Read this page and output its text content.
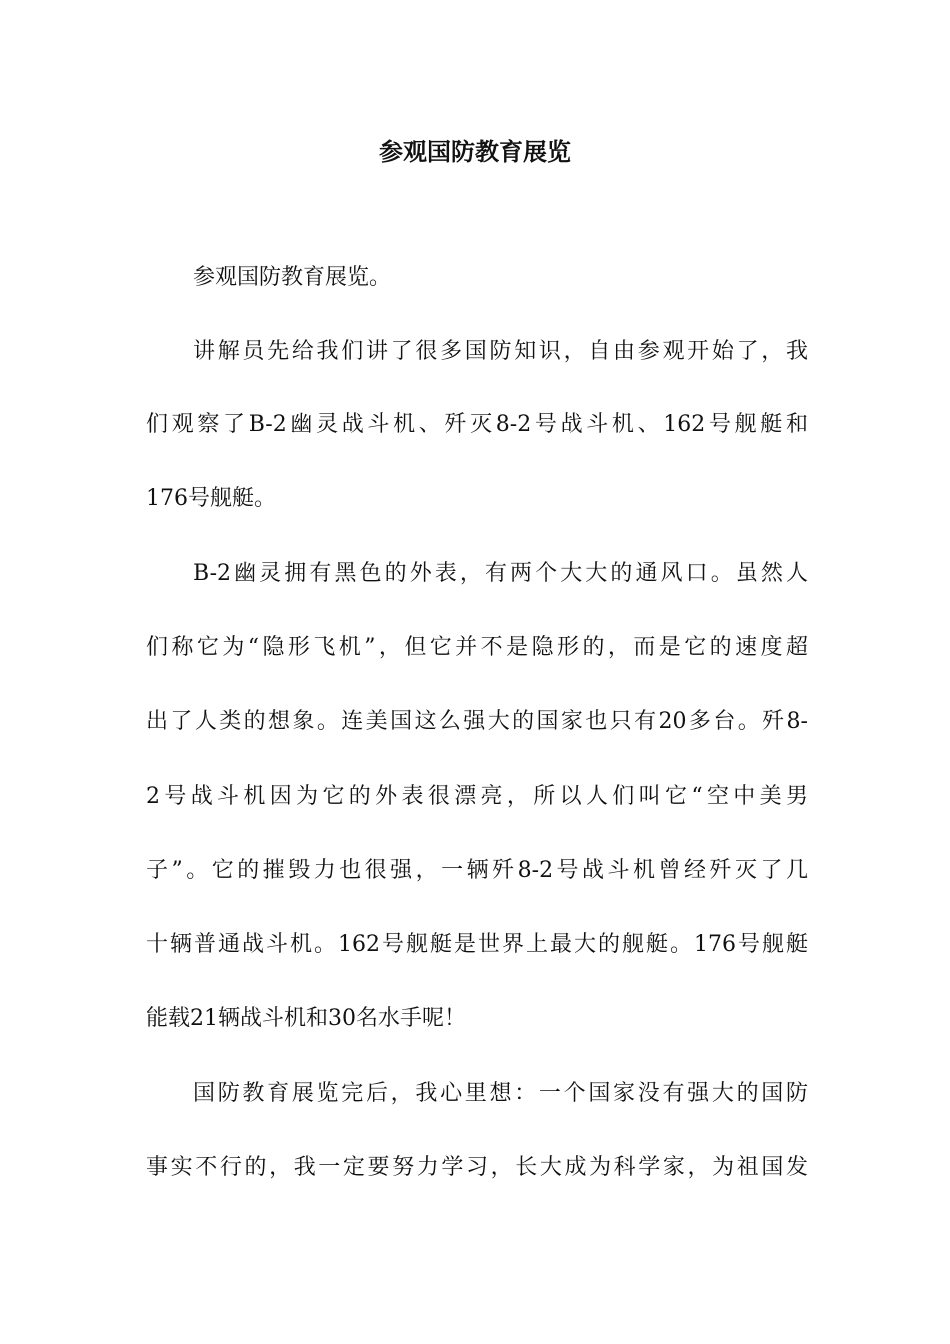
参观国防教育展览

参观国防教育展览。

讲解员先给我们讲了很多国防知识，自由参观开始了，我

们观察了B-2幽灵战斗机、歼灭8-2号战斗机、162号舰艇和

176号舰艇。

B-2幽灵拥有黑色的外表，有两个大大的通风口。虽然人

们称它为“隐形飞机”，但它并不是隐形的，而是它的速度超

出了人类的想象。连美国这么强大的国家也只有20多台。歼8-

2号战斗机因为它的外表很漂亮，所以人们叫它“空中美男

子”。它的摧毁力也很强，一辆歼8-2号战斗机曾经歼灭了几

十辆普通战斗机。162号舰艇是世界上最大的舰艇。176号舰艇

能载21辆战斗机和30名水手呢！

国防教育展览完后，我心里想：一个国家没有强大的国防

事实不行的，我一定要努力学习，长大成为科学家，为祖国发
